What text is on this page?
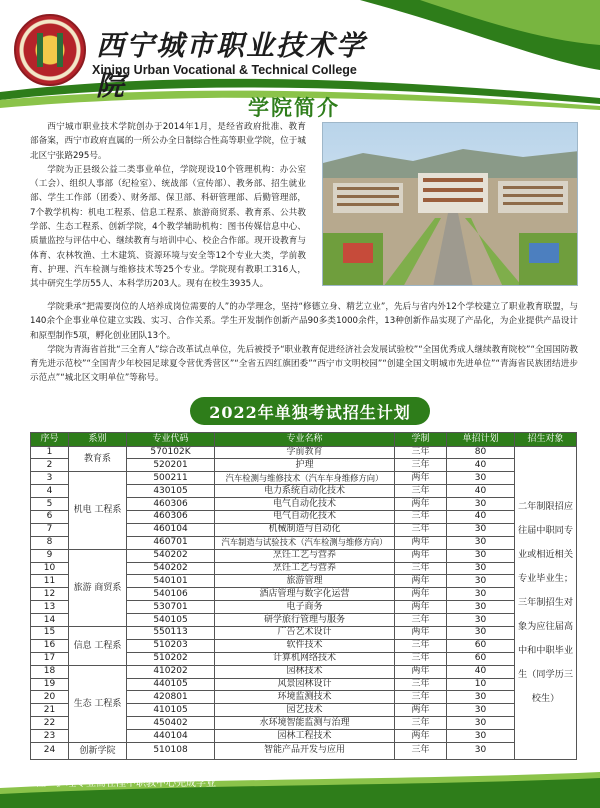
西宁城市职业技术学院
Xining Urban Vocational & Technical College
学院简介

西宁城市职业技术学院创办于2014年1月，是经省政府批准、教育部备案，西宁市政府直属的一所公办全日制综合性高等职业学院，位于城北区宁张路295号。

学院为正县级公益二类事业单位，学院现设10个管理机构：办公室（工会）、组织人事部（纪检室）、统战部（宣传部）、教务部、招生就业部、学生工作部（团委）、财务部、保卫部、科研管理部、后勤管理部，7个教学机构：机电工程系、信息工程系、旅游商贸系、教育系、公共教学部、生态工程系、创新学院，4个教学辅助机构：图书传媒信息中心、质量监控与评估中心、继续教育与培训中心、校企合作部。现开设教育与体育、农林牧渔、土木建筑、资源环境与安全等12个专业大类，学前教育、护理、汽车检测与维修技术等25个专业。学院现有教职工316人，其中研究生学历55人、本科学历203人。现有在校生3935人。

学院秉承“把需要岗位的人培养成岗位需要的人”的办学理念，坚持“修德立身、精艺立业”，先后与省内外12个学校建立了职业教育联盟，与140余个企事业单位建立实践、实习、合作关系。学生开发制作创新产品90多类1000余件，13种创新作品实现了产品化，为企业提供产品设计和原型制作5项，孵化创业团队13个。

学院为青海省首批“三全育人”综合改革试点单位，先后被授予“职业教育促进经济社会发展试验校”“全国优秀成人继续教育院校”“全国国防教育先进示范校”“全国青少年校园足球夏令营优秀营区”“全省五四红旗团委”“西宁市文明校园”“创建全国文明城市先进单位”“青海省民族团结进步示范点”“城北区文明单位”等称号。

2022年单独考试招生计划
序号	系别	专业代码	专业名称	学制	单招计划	招生对象
1	教育系	570102K	学前教育	三年	80	二年制限招应往届中职同专业或相近相关专业毕业生；三年制招生对象为应往届高中和中职毕业生（同学历三校生）
2		520201	护理	三年	40	
3	机电 工程系	500211	汽车检测与维修技术（汽车车身维修方向）	两年	30	
4		430105	电力系统自动化技术	三年	40	
5		460306	电气自动化技术	两年	30	
6		460306	电气自动化技术	三年	40	
7		460104	机械制造与自动化	三年	30	
8		460701	汽车制造与试验技术（汽车检测与维修方向）	两年	30	
9	旅游 商贸系	540202	烹饪工艺与营养	两年	30	
10		540202	烹饪工艺与营养	三年	30	
11		540101	旅游管理	两年	30	
12		540106	酒店管理与数字化运营	两年	30	
13		530701	电子商务	两年	30	
14		540105	研学旅行管理与服务	三年	30	
15	信息 工程系	550113	广告艺术设计	两年	30	
16		510203	软件技术	三年	60	
17		510202	计算机网络技术	三年	60	
18	生态 工程系	410202	园林技术	两年	40	
19		440105	风景园林设计	三年	10	
20		420801	环境监测技术	三年	30	
21		410105	园艺技术	两年	30	
22		450402	水环境智能监测与治理	三年	30	
23		440104	园林工程技术	两年	30	
24	创新学院	510108	智能产品开发与应用	三年	30	
注：护理专业需在湟中职教中心完成学业
